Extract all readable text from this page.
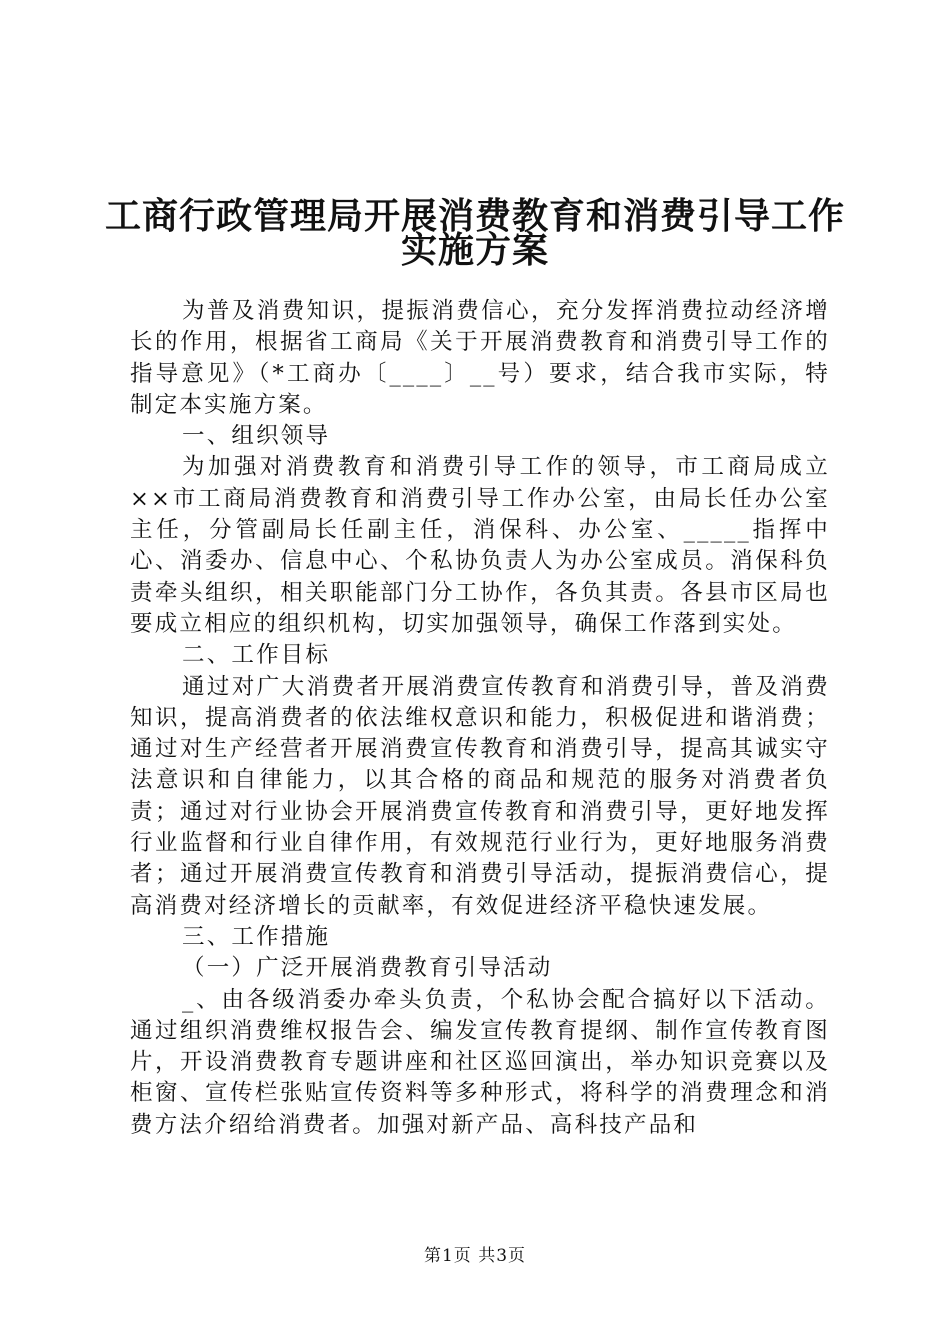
工商行政管理局开展消费教育和消费引导工作
实施方案

为普及消费知识，提振消费信心，充分发挥消费拉动经济增长的作用，根据省工商局《关于开展消费教育和消费引导工作的指导意见》（*工商办〔____〕__号）要求，结合我市实际，特制定本实施方案。

一、组织领导

为加强对消费教育和消费引导工作的领导，市工商局成立××市工商局消费教育和消费引导工作办公室，由局长任办公室主任，分管副局长任副主任，消保科、办公室、_____指挥中心、消委办、信息中心、个私协负责人为办公室成员。消保科负责牵头组织，相关职能部门分工协作，各负其责。各县市区局也要成立相应的组织机构，切实加强领导，确保工作落到实处。

二、工作目标

通过对广大消费者开展消费宣传教育和消费引导，普及消费知识，提高消费者的依法维权意识和能力，积极促进和谐消费；通过对生产经营者开展消费宣传教育和消费引导，提高其诚实守法意识和自律能力，以其合格的商品和规范的服务对消费者负责；通过对行业协会开展消费宣传教育和消费引导，更好地发挥行业监督和行业自律作用，有效规范行业行为，更好地服务消费者；通过开展消费宣传教育和消费引导活动，提振消费信心，提高消费对经济增长的贡献率，有效促进经济平稳快速发展。

三、工作措施

（一）广泛开展消费教育引导活动

_、由各级消委办牵头负责，个私协会配合搞好以下活动。通过组织消费维权报告会、编发宣传教育提纲、制作宣传教育图片，开设消费教育专题讲座和社区巡回演出，举办知识竞赛以及柜窗、宣传栏张贴宣传资料等多种形式，将科学的消费理念和消费方法介绍给消费者。加强对新产品、高科技产品和

第1页 共3页
